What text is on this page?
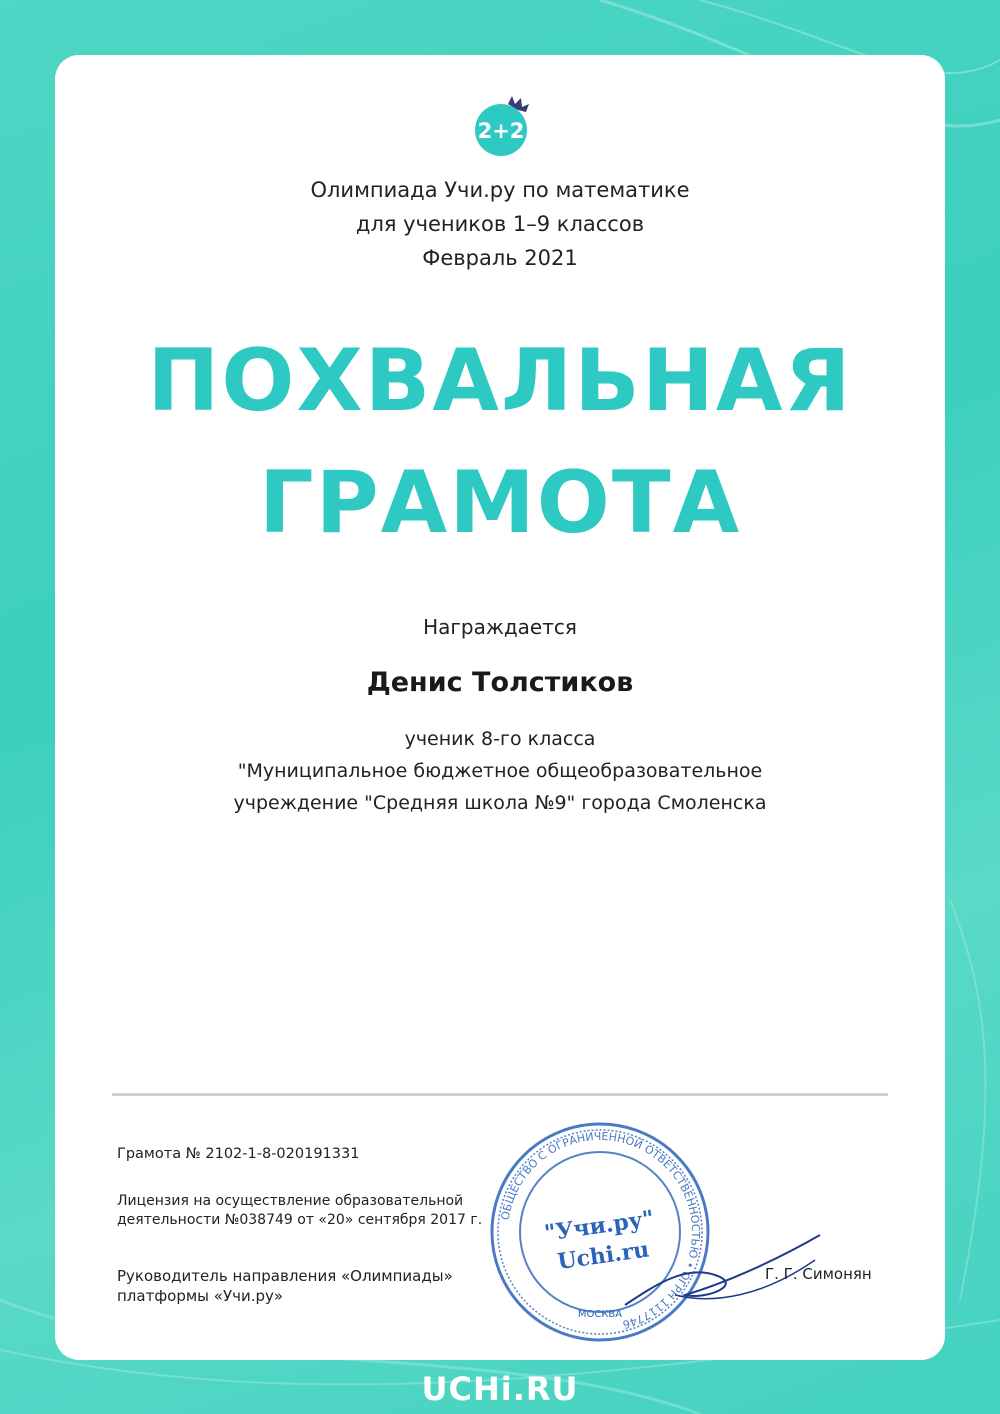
2+2
Олимпиада Учи.ру по математике
для учеников 1–9 классов
Февраль 2021
ПОХВАЛЬНАЯ
ГРАМОТА
Награждается
Денис Толстиков
ученик 8-го класса
"Муниципальное бюджетное общеобразовательное
учреждение "Средняя школа №9" города Смоленска
Грамота № 2102-1-8-020191331
Лицензия на осуществление образовательной
деятельности №038749 от «20» сентября 2017 г.
Руководитель направления «Олимпиады»
платформы «Учи.ру»
ОБЩЕСТВО С ОГРАНИЧЕННОЙ ОТВЕТСТВЕННОСТЬЮ • ОГРН 1117746
"Учи.ру"
Uchi.ru
МОСКВА
Г. Г. Симонян
UCHi.RU
